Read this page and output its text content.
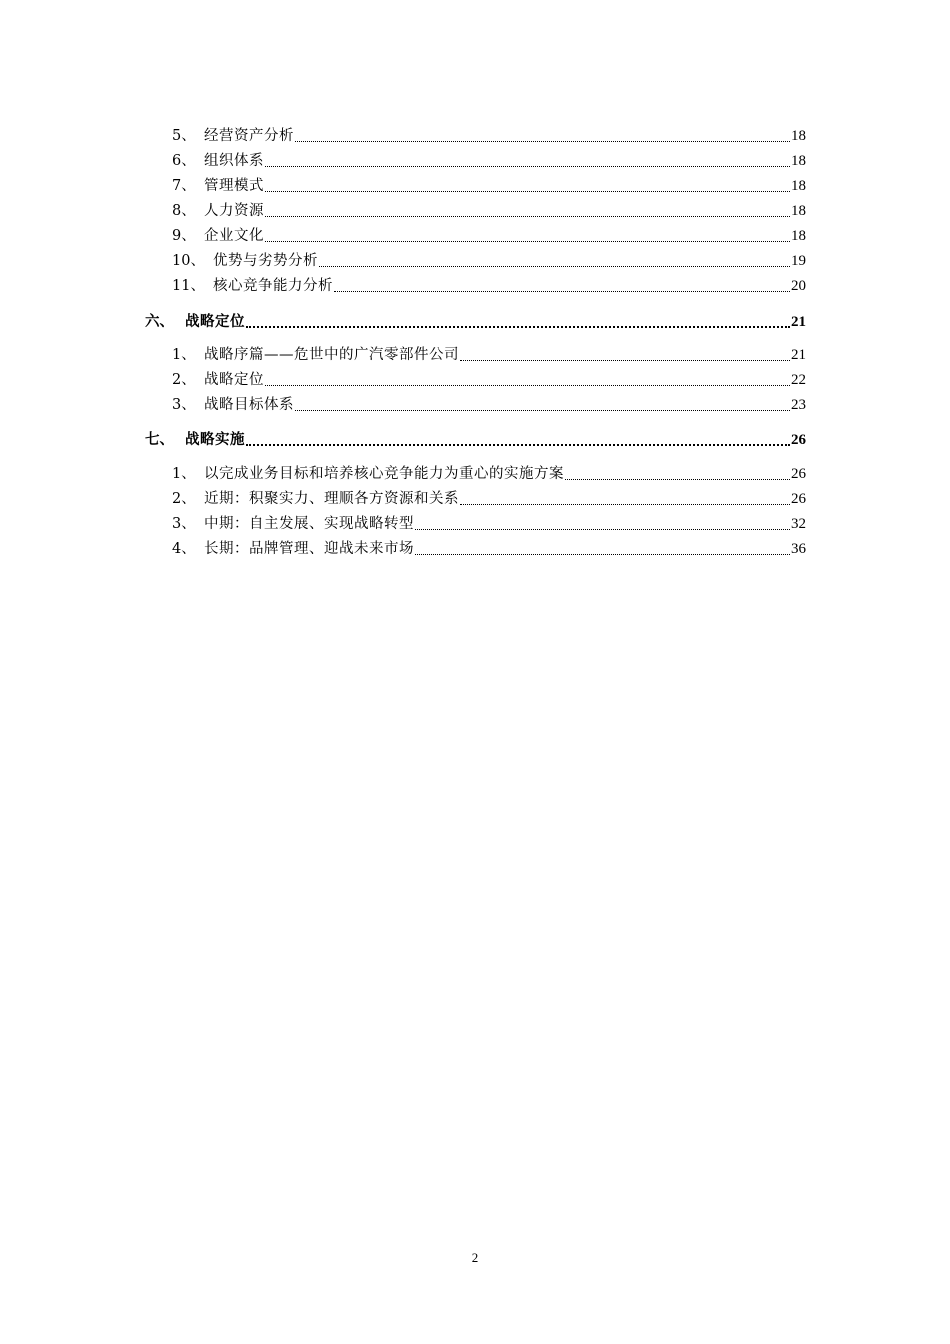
5、 经营资产分析	18
6、 组织体系	18
7、 管理模式	18
8、 人力资源	18
9、 企业文化	18
10、 优势与劣势分析	19
11、 核心竞争能力分析	20
六、 战略定位	21
1、 战略序篇——危世中的广汽零部件公司	21
2、 战略定位	22
3、 战略目标体系	23
七、 战略实施	26
1、 以完成业务目标和培养核心竞争能力为重心的实施方案	26
2、 近期：积聚实力、理顺各方资源和关系	26
3、 中期：自主发展、实现战略转型	32
4、 长期：品牌管理、迎战未来市场	36
2
